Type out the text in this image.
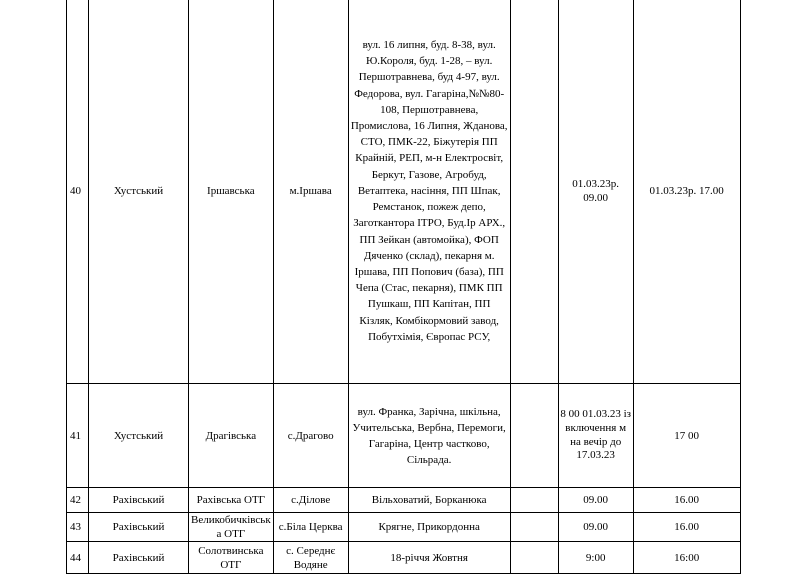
40	Хустський	Іршавська	м.Іршава	вул. 16 липня, буд. 8-38, вул. Ю.Короля, буд. 1-28, – вул. Першотравнева, буд 4-97, вул. Федорова, вул. Гагаріна,№№80-108, Першотравнева, Промислова, 16 Липня, Жданова, СТО, ПМК-22, Біжутерія ПП Крайній, РЕП, м-н Електросвіт, Беркут, Газове, Агробуд, Ветаптека, насіння, ПП Шпак, Ремстанок, пожеж депо, Заготкантора ІТРО, Буд.Ір АРХ., ПП Зейкан (автомойка), ФОП Дяченко (склад), пекарня м. Іршава, ПП Попович (база), ПП Чепа (Стас, пекарня), ПМК ПП Пушкаш, ПП Капітан, ПП Кізляк, Комбікормовий завод, Побутхімія, Європас РСУ,		01.03.23р. 09.00	01.03.23р. 17.00
41	Хустський	Драгівська	с.Драгово	вул. Франка, Зарічна, шкільна, Учительська, Вербна, Перемоги, Гагаріна, Центр частково, Сільрада.		8 00 01.03.23 із включення м на вечір до 17.03.23	17 00
42	Рахівський	Рахівська ОТГ	с.Ділове	Вільховатий, Борканюка		09.00	16.00
43	Рахівський	Великобичківськ а ОТГ	с.Біла Церква	Крягне, Прикордонна		09.00	16.00
44	Рахівський	Солотвинська ОТГ	с. Середнє Водяне	18-річчя Жовтня		9:00	16:00
